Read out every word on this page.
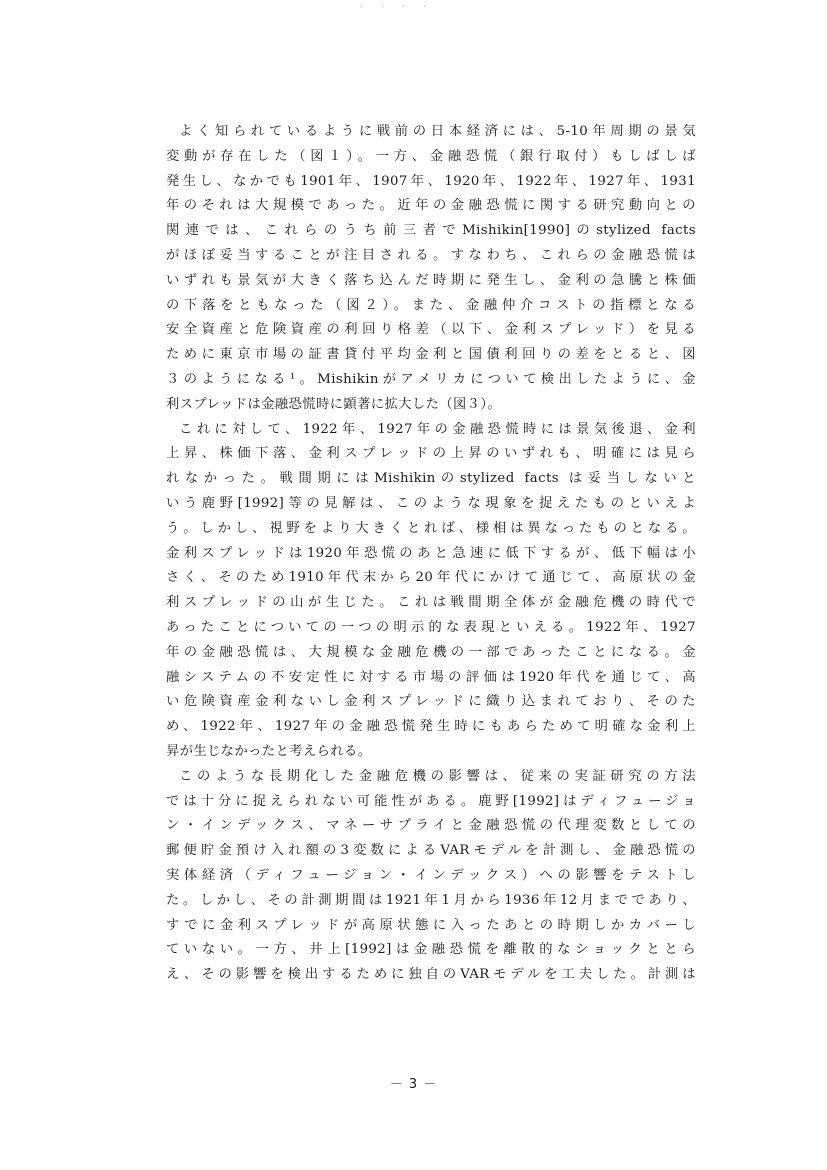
· · · ·
よく知られているように戦前の日本経済には、5-10年周期の景気
変動が存在した（図１）。一方、金融恐慌（銀行取付）もしばしば
発生し、なかでも1901年、1907年、1920年、1922年、1927年、1931
年のそれは大規模であった。近年の金融恐慌に関する研究動向との
関連では、これらのうち前三者でMishikin[1990]のstylized facts
がほぼ妥当することが注目される。すなわち、これらの金融恐慌は
いずれも景気が大きく落ち込んだ時期に発生し、金利の急騰と株価
の下落をともなった（図２）。また、金融仲介コストの指標となる
安全資産と危険資産の利回り格差（以下、金利スプレッド）を見る
ために東京市場の証書貸付平均金利と国債利回りの差をとると、図
３のようになる¹。Mishikinがアメリカについて検出したように、金
利スプレッドは金融恐慌時に顕著に拡大した（図３）。
これに対して、1922年、1927年の金融恐慌時には景気後退、金利
上昇、株価下落、金利スプレッドの上昇のいずれも、明確には見ら
れなかった。戦間期にはMishikinのstylized facts は妥当しないと
いう鹿野[1992]等の見解は、このような現象を捉えたものといえよ
う。しかし、視野をより大きくとれば、様相は異なったものとなる。
金利スプレッドは1920年恐慌のあと急速に低下するが、低下幅は小
さく、そのため1910年代末から20年代にかけて通じて、高原状の金
利スプレッドの山が生じた。これは戦間期全体が金融危機の時代で
あったことについての一つの明示的な表現といえる。1922年、1927
年の金融恐慌は、大規模な金融危機の一部であったことになる。金
融システムの不安定性に対する市場の評価は1920年代を通じて、高
い危険資産金利ないし金利スプレッドに織り込まれており、そのた
め、1922年、1927年の金融恐慌発生時にもあらためて明確な金利上
昇が生じなかったと考えられる。
このような長期化した金融危機の影響は、従来の実証研究の方法
では十分に捉えられない可能性がある。鹿野[1992]はディフュージョ
ン・インデックス、マネーサプライと金融恐慌の代理変数としての
郵便貯金預け入れ額の3変数によるVARモデルを計測し、金融恐慌の
実体経済（ディフュージョン・インデックス）への影響をテストし
た。しかし、その計測期間は1921年1月から1936年12月までであり、
すでに金利スプレッドが高原状態に入ったあとの時期しかカバーし
ていない。一方、井上[1992]は金融恐慌を離散的なショックととら
え、その影響を検出するために独自のVARモデルを工夫した。計測は
－ 3 －
